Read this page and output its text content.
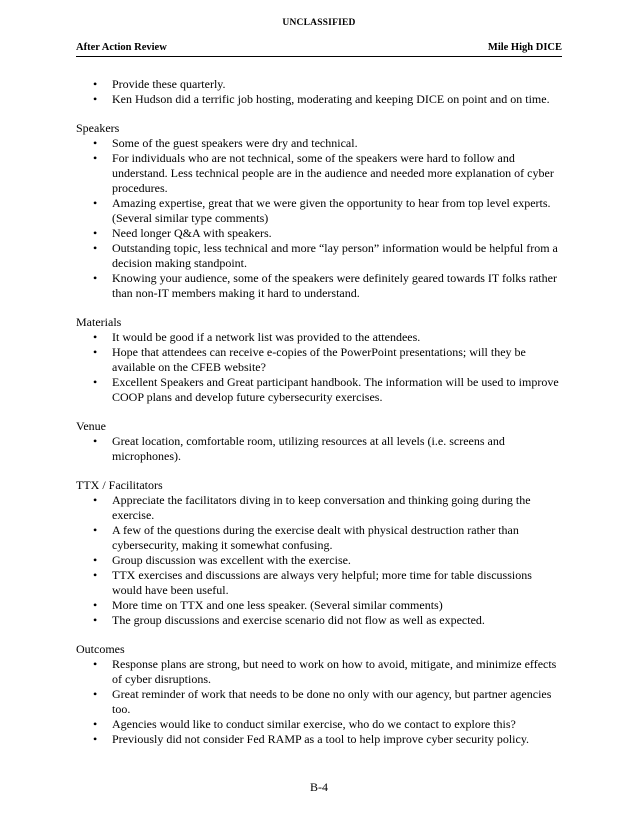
UNCLASSIFIED
After Action Review	Mile High DICE
• Provide these quarterly.
• Ken Hudson did a terrific job hosting, moderating and keeping DICE on point and on time.
Speakers
• Some of the guest speakers were dry and technical.
• For individuals who are not technical, some of the speakers were hard to follow and understand. Less technical people are in the audience and needed more explanation of cyber procedures.
• Amazing expertise, great that we were given the opportunity to hear from top level experts. (Several similar type comments)
• Need longer Q&A with speakers.
• Outstanding topic, less technical and more “lay person” information would be helpful from a decision making standpoint.
• Knowing your audience, some of the speakers were definitely geared towards IT folks rather than non-IT members making it hard to understand.
Materials
• It would be good if a network list was provided to the attendees.
• Hope that attendees can receive e-copies of the PowerPoint presentations; will they be available on the CFEB website?
• Excellent Speakers and Great participant handbook. The information will be used to improve COOP plans and develop future cybersecurity exercises.
Venue
• Great location, comfortable room, utilizing resources at all levels (i.e. screens and microphones).
TTX / Facilitators
• Appreciate the facilitators diving in to keep conversation and thinking going during the exercise.
• A few of the questions during the exercise dealt with physical destruction rather than cybersecurity, making it somewhat confusing.
• Group discussion was excellent with the exercise.
• TTX exercises and discussions are always very helpful; more time for table discussions would have been useful.
• More time on TTX and one less speaker. (Several similar comments)
• The group discussions and exercise scenario did not flow as well as expected.
Outcomes
• Response plans are strong, but need to work on how to avoid, mitigate, and minimize effects of cyber disruptions.
• Great reminder of work that needs to be done no only with our agency, but partner agencies too.
• Agencies would like to conduct similar exercise, who do we contact to explore this?
• Previously did not consider Fed RAMP as a tool to help improve cyber security policy.
B-4
